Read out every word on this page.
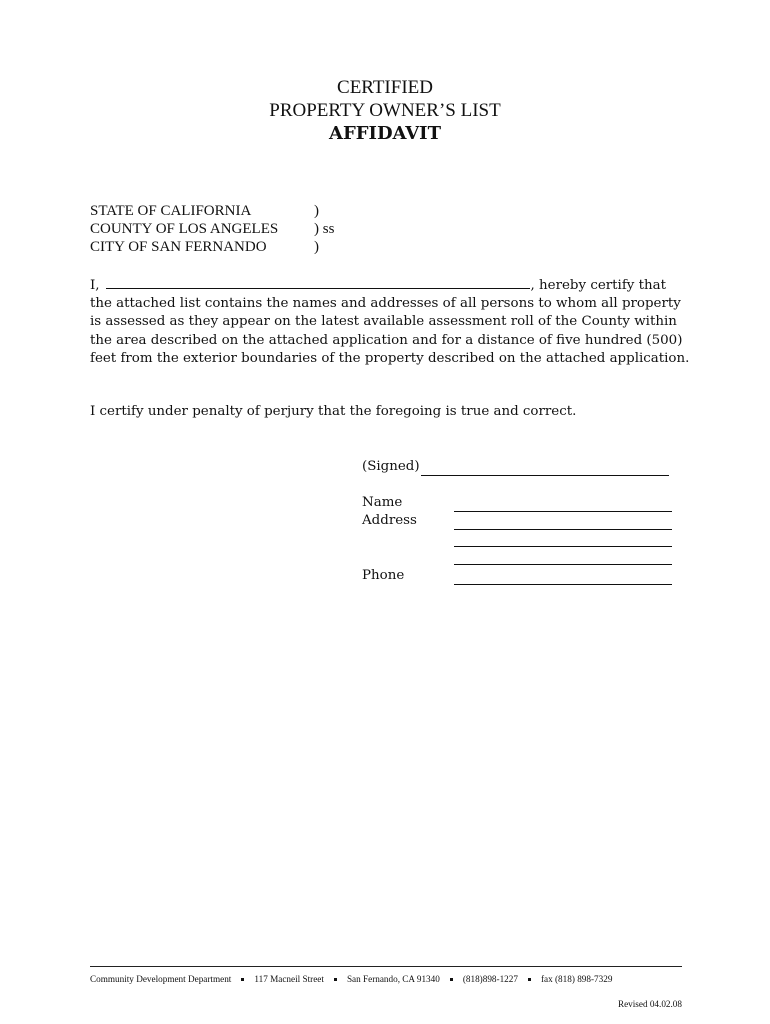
CERTIFIED
PROPERTY OWNER’S LIST
AFFIDAVIT
STATE OF CALIFORNIA	)
COUNTY OF LOS ANGELES	) ss
CITY OF SAN FERNANDO	)
I,	, hereby certify that the attached list contains the names and addresses of all persons to whom all property is assessed as they appear on the latest available assessment roll of the County within the area described on the attached application and for a distance of five hundred (500) feet from the exterior boundaries of the property described on the attached application.
I certify under penalty of perjury that the foregoing is true and correct.
(Signed)
Name
Address
Phone
Community Development Department	117 Macneil Street	San Fernando, CA 91340	(818)898-1227	fax (818) 898-7329
Revised 04.02.08
